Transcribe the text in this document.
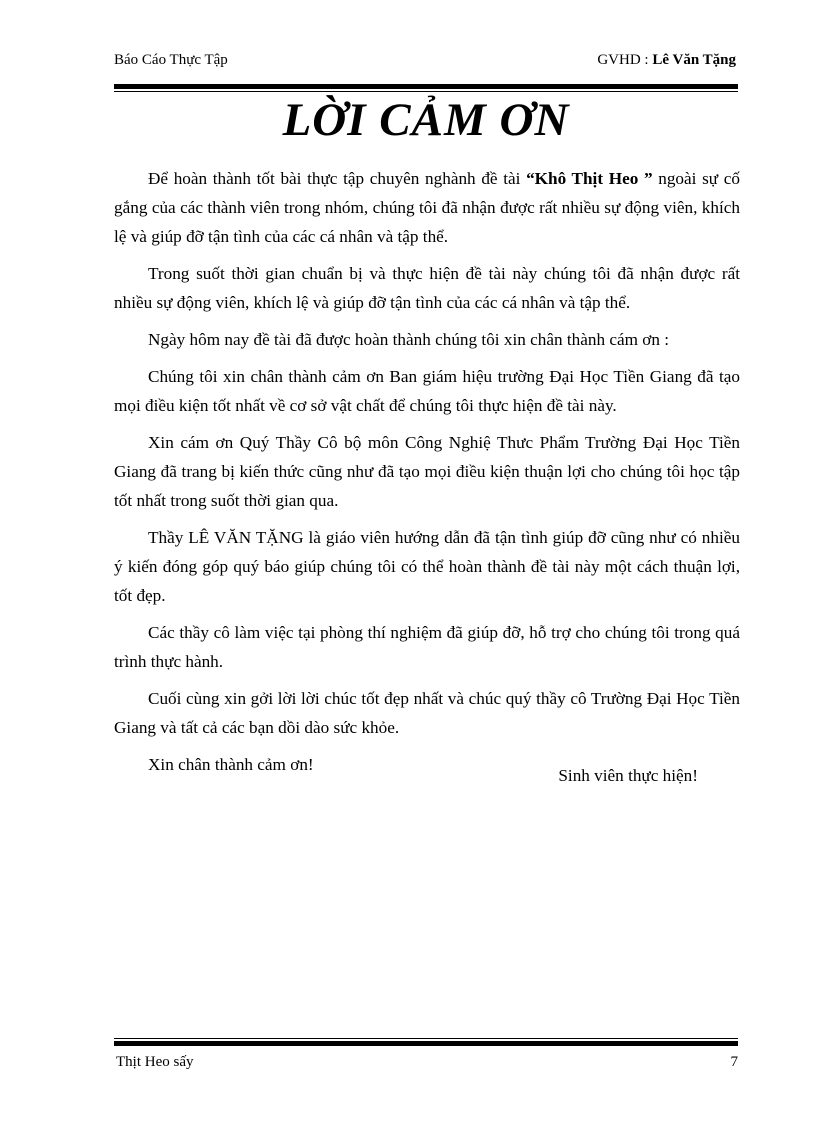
Báo Cáo Thực Tập	GVHD : Lê Văn Tặng
LỜI CẢM ƠN

Để hoàn thành tốt bài thực tập chuyên nghành đề tài “Khô Thịt Heo ” ngoài sự cố gắng của các thành viên trong nhóm, chúng tôi đã nhận được rất nhiều sự động viên, khích lệ và giúp đỡ tận tình của các cá nhân và tập thể.

Trong suốt thời gian chuẩn bị và thực hiện đề tài này chúng tôi đã nhận được rất nhiều sự động viên, khích lệ và giúp đỡ tận tình của các cá nhân và tập thể.

Ngày hôm nay đề tài đã được hoàn thành chúng tôi xin chân thành cám ơn :

Chúng tôi xin chân thành cảm ơn Ban giám hiệu trường Đại Học Tiền Giang đã tạo mọi điều kiện tốt nhất về cơ sở vật chất để chúng tôi thực hiện đề tài này.

Xin cám ơn Quý Thầy Cô bộ môn Công Nghiệ Thưc Phẩm Trường Đại Học Tiền Giang đã trang bị kiến thức cũng như đã tạo mọi điều kiện thuận lợi cho chúng tôi học tập tốt nhất trong suốt thời gian qua.

Thầy LÊ VĂN TẶNG là giáo viên hướng dẫn đã tận tình giúp đỡ cũng như có nhiều ý kiến đóng góp quý báo giúp chúng tôi có thể hoàn thành đề tài này một cách thuận lợi, tốt đẹp.

Các thầy cô làm việc tại phòng thí nghiệm đã giúp đỡ, hỗ trợ cho chúng tôi trong quá trình thực hành.

Cuối cùng xin gởi lời lời chúc tốt đẹp nhất và chúc quý thầy cô Trường Đại Học Tiền Giang và tất cả các bạn dồi dào sức khỏe.

Xin chân thành cảm ơn!

Sinh viên thực hiện!
Thịt Heo sấy	7
